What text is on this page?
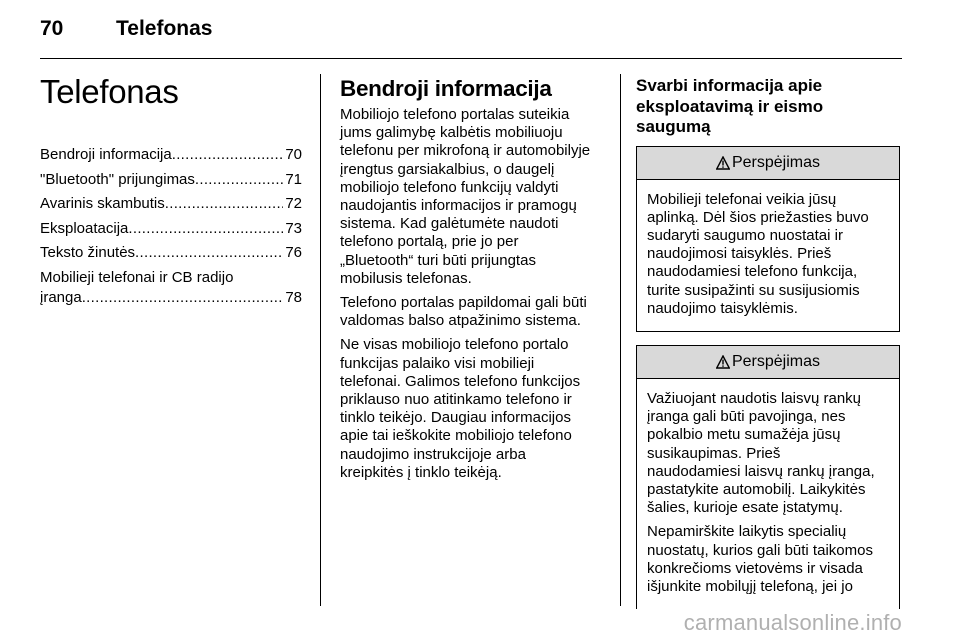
70	Telefonas
Telefonas
Bendroji informacija .....	70
"Bluetooth" prijungimas .....	71
Avarinis skambutis .....	72
Eksploatacija .....	73
Teksto žinutės .....	76
Mobilieji telefonai ir CB radijo
įranga .....	78
Bendroji informacija

Mobiliojo telefono portalas suteikia
jums galimybę kalbėtis mobiliuoju
telefonu per mikrofoną ir automobilyje
įrengtus garsiakalbius, o daugelį
mobiliojo telefono funkcijų valdyti
naudojantis informacijos ir pramogų
sistema. Kad galėtumėte naudoti
telefono portalą, prie jo per
„Bluetooth“ turi būti prijungtas
mobilusis telefonas.

Telefono portalas papildomai gali būti
valdomas balso atpažinimo sistema.

Ne visas mobiliojo telefono portalo
funkcijas palaiko visi mobilieji
telefonai. Galimos telefono funkcijos
priklauso nuo atitinkamo telefono ir
tinklo teikėjo. Daugiau informacijos
apie tai ieškokite mobiliojo telefono
naudojimo instrukcijoje arba
kreipkitės į tinklo teikėją.

Svarbi informacija apie
eksploatavimą ir eismo
saugumą
Perspėjimas

Mobilieji telefonai veikia jūsų
aplinką. Dėl šios priežasties buvo
sudaryti saugumo nuostatai ir
naudojimosi taisyklės. Prieš
naudodamiesi telefono funkcija,
turite susipažinti su susijusiomis
naudojimo taisyklėmis.

Perspėjimas

Važiuojant naudotis laisvų rankų
įranga gali būti pavojinga, nes
pokalbio metu sumažėja jūsų
susikaupimas. Prieš
naudodamiesi laisvų rankų įranga,
pastatykite automobilį. Laikykitės
šalies, kurioje esate įstatymų.

Nepamirškite laikytis specialių
nuostatų, kurios gali būti taikomos
konkrečioms vietovėms ir visada
išjunkite mobilųjį telefoną, jei jo

carmanualsonline.info
